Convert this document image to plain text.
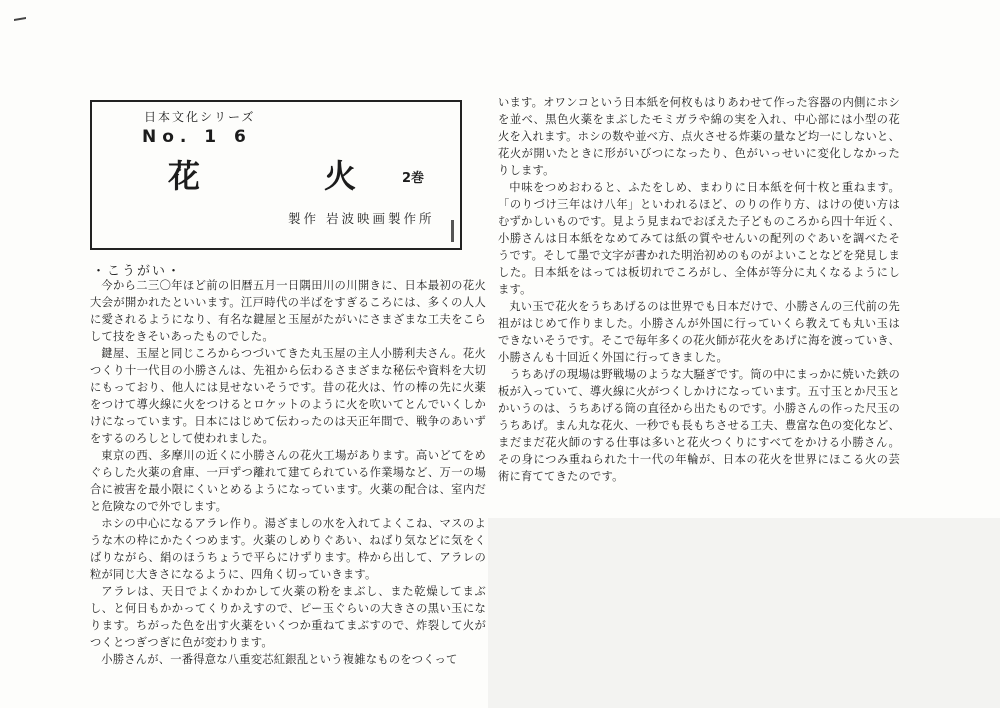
日本文化シリーズ
No. 1 6
花	火	2巻
製作 岩波映画製作所
・こうがい・

今から二三〇年ほど前の旧暦五月一日隅田川の川開きに、日本最初の花火大会が開かれたといいます。江戸時代の半ばをすぎるころには、多くの人人に愛されるようになり、有名な鍵屋と玉屋がたがいにさまざまな工夫をこらして技をきそいあったものでした。

鍵屋、玉屋と同じころからつづいてきた丸玉屋の主人小勝利夫さん。花火つくり十一代目の小勝さんは、先祖から伝わるさまざまな秘伝や資料を大切にもっており、他人には見せないそうです。昔の花火は、竹の棒の先に火薬をつけて導火線に火をつけるとロケットのように火を吹いてとんでいくしかけになっています。日本にはじめて伝わったのは天正年間で、戦争のあいずをするのろしとして使われました。

東京の西、多摩川の近くに小勝さんの花火工場があります。高いどてをめぐらした火薬の倉庫、一戸ずつ離れて建てられている作業場など、万一の場合に被害を最小限にくいとめるようになっています。火薬の配合は、室内だと危険なので外でします。

ホシの中心になるアラレ作り。湯ざましの水を入れてよくこね、マスのような木の枠にかたくつめます。火薬のしめりぐあい、ねばり気などに気をくばりながら、絹のほうちょうで平らにけずります。枠から出して、アラレの粒が同じ大きさになるように、四角く切っていきます。

アラレは、天日でよくかわかして火薬の粉をまぶし、また乾燥してまぶし、と何日もかかってくりかえすので、ピー玉ぐらいの大きさの黒い玉になります。ちがった色を出す火薬をいくつか重ねてまぶすので、炸裂して火がつくとつぎつぎに色が変わります。

小勝さんが、一番得意な八重変芯紅銀乱という複雑なものをつくって

います。オワンコという日本紙を何枚もはりあわせて作った容器の内側にホシを並べ、黒色火薬をまぶしたモミガラや綿の実を入れ、中心部には小型の花火を入れます。ホシの数や並べ方、点火させる炸薬の量など均一にしないと、花火が開いたときに形がいびつになったり、色がいっせいに変化しなかったりします。

中味をつめおわると、ふたをしめ、まわりに日本紙を何十枚と重ねます。「のりづけ三年はけ八年」といわれるほど、のりの作り方、はけの使い方はむずかしいものです。見よう見まねでおぼえた子どものころから四十年近く、小勝さんは日本紙をなめてみては紙の質やせんいの配列のぐあいを調べたそうです。そして墨で文字が書かれた明治初めのものがよいことなどを発見しました。日本紙をはっては板切れでころがし、全体が等分に丸くなるようにします。

丸い玉で花火をうちあげるのは世界でも日本だけで、小勝さんの三代前の先祖がはじめて作りました。小勝さんが外国に行っていくら教えても丸い玉はできないそうです。そこで毎年多くの花火師が花火をあげに海を渡っていき、小勝さんも十回近く外国に行ってきました。

うちあげの現場は野戦場のような大騒ぎです。筒の中にまっかに焼いた鉄の板が入っていて、導火線に火がつくしかけになっています。五寸玉とか尺玉とかいうのは、うちあげる筒の直径から出たものです。小勝さんの作った尺玉のうちあげ。まん丸な花火、一秒でも長もちさせる工夫、豊富な色の変化など、まだまだ花火師のする仕事は多いと花火つくりにすべてをかける小勝さん。その身につみ重ねられた十一代の年輪が、日本の花火を世界にほこる火の芸術に育ててきたのです。
